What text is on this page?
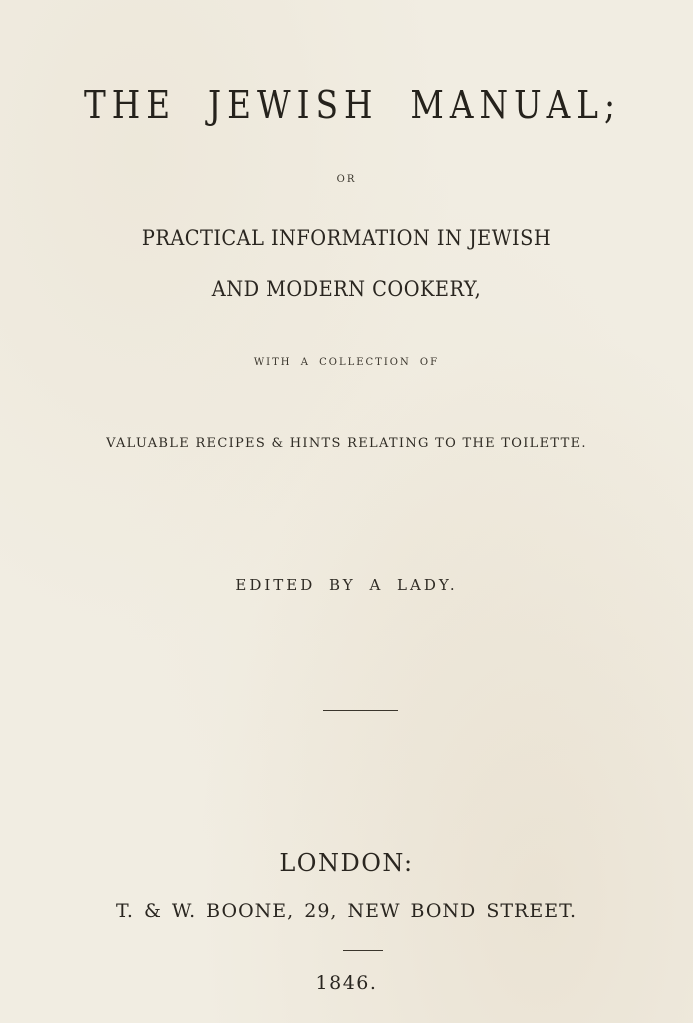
THE JEWISH MANUAL;
OR
PRACTICAL INFORMATION IN JEWISH
AND MODERN COOKERY,
WITH A COLLECTION OF
VALUABLE RECIPES & HINTS RELATING TO THE TOILETTE.
EDITED BY A LADY.
LONDON:
T. & W. BOONE, 29, NEW BOND STREET.
1846.
